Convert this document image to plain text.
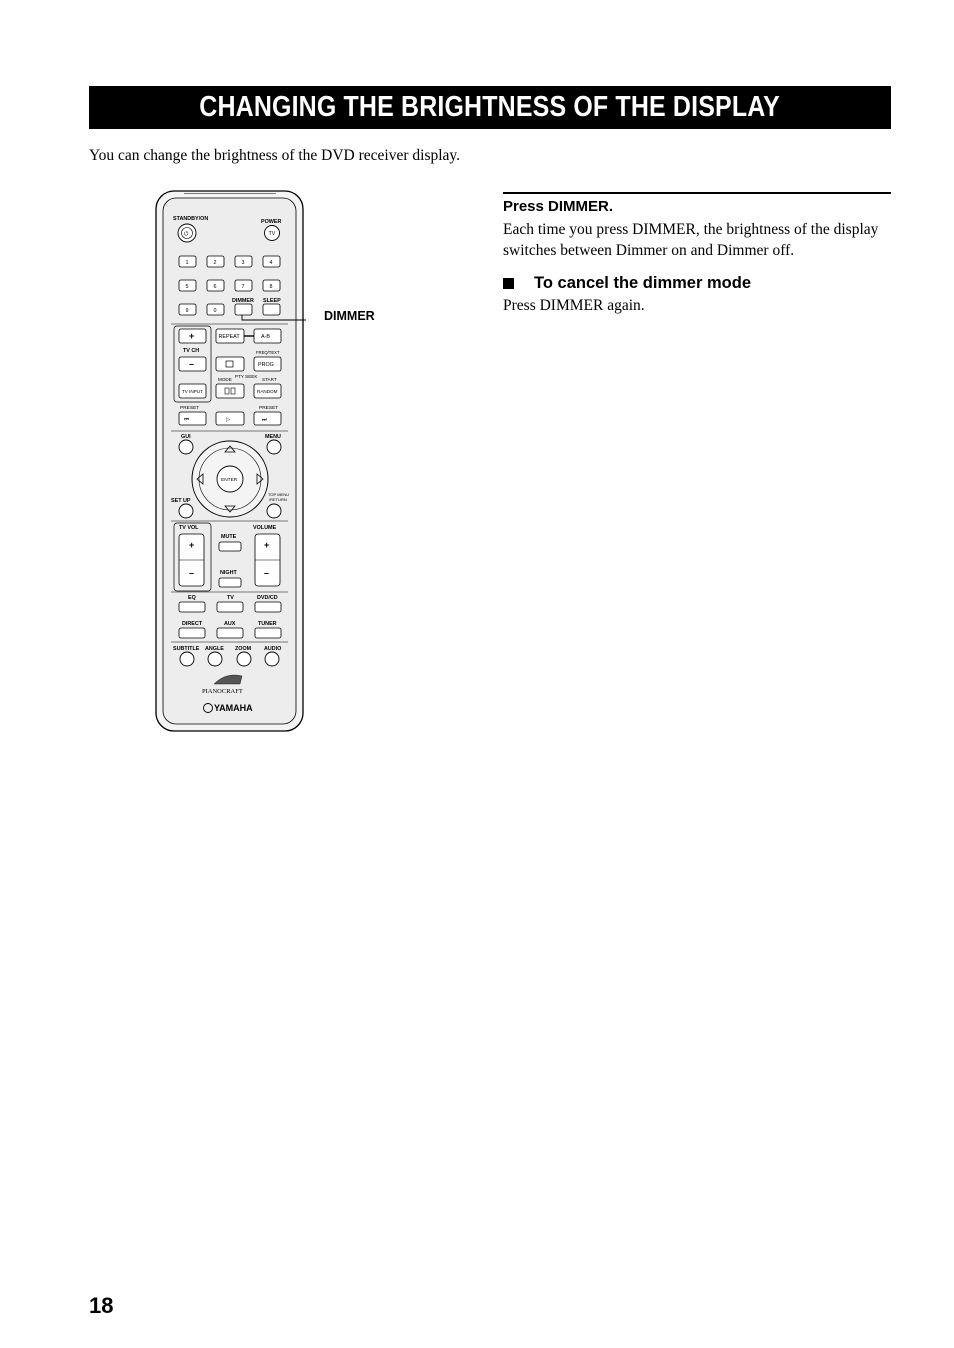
CHANGING THE BRIGHTNESS OF THE DISPLAY
You can change the brightness of the DVD receiver display.
STANDBY/ON	POWER
⏻	TV
1	2	3	4
5	6	7	8
9	0
DIMMER SLEEP
+
TV CH
–
TV INPUT
REPEAT	A-B
FREQ/TEXT
PROG
MODE
PTY SEEK
START
RANDOM
PRESET	PRESET
⏮	▷	⏭
GUI	MENU
ENTER
SET UP
TOP MENU
/RETURN
TV VOL	VOLUME
+
–
+
–
MUTE
NIGHT
EQ	TV	DVD/CD
DIRECT	AUX	TUNER
SUBTITLE ANGLE ZOOM AUDIO
PIANOCRAFT
YAMAHA
DIMMER
Press DIMMER.
Each time you press DIMMER, the brightness of the display switches between Dimmer on and Dimmer off.
To cancel the dimmer mode
Press DIMMER again.
18
